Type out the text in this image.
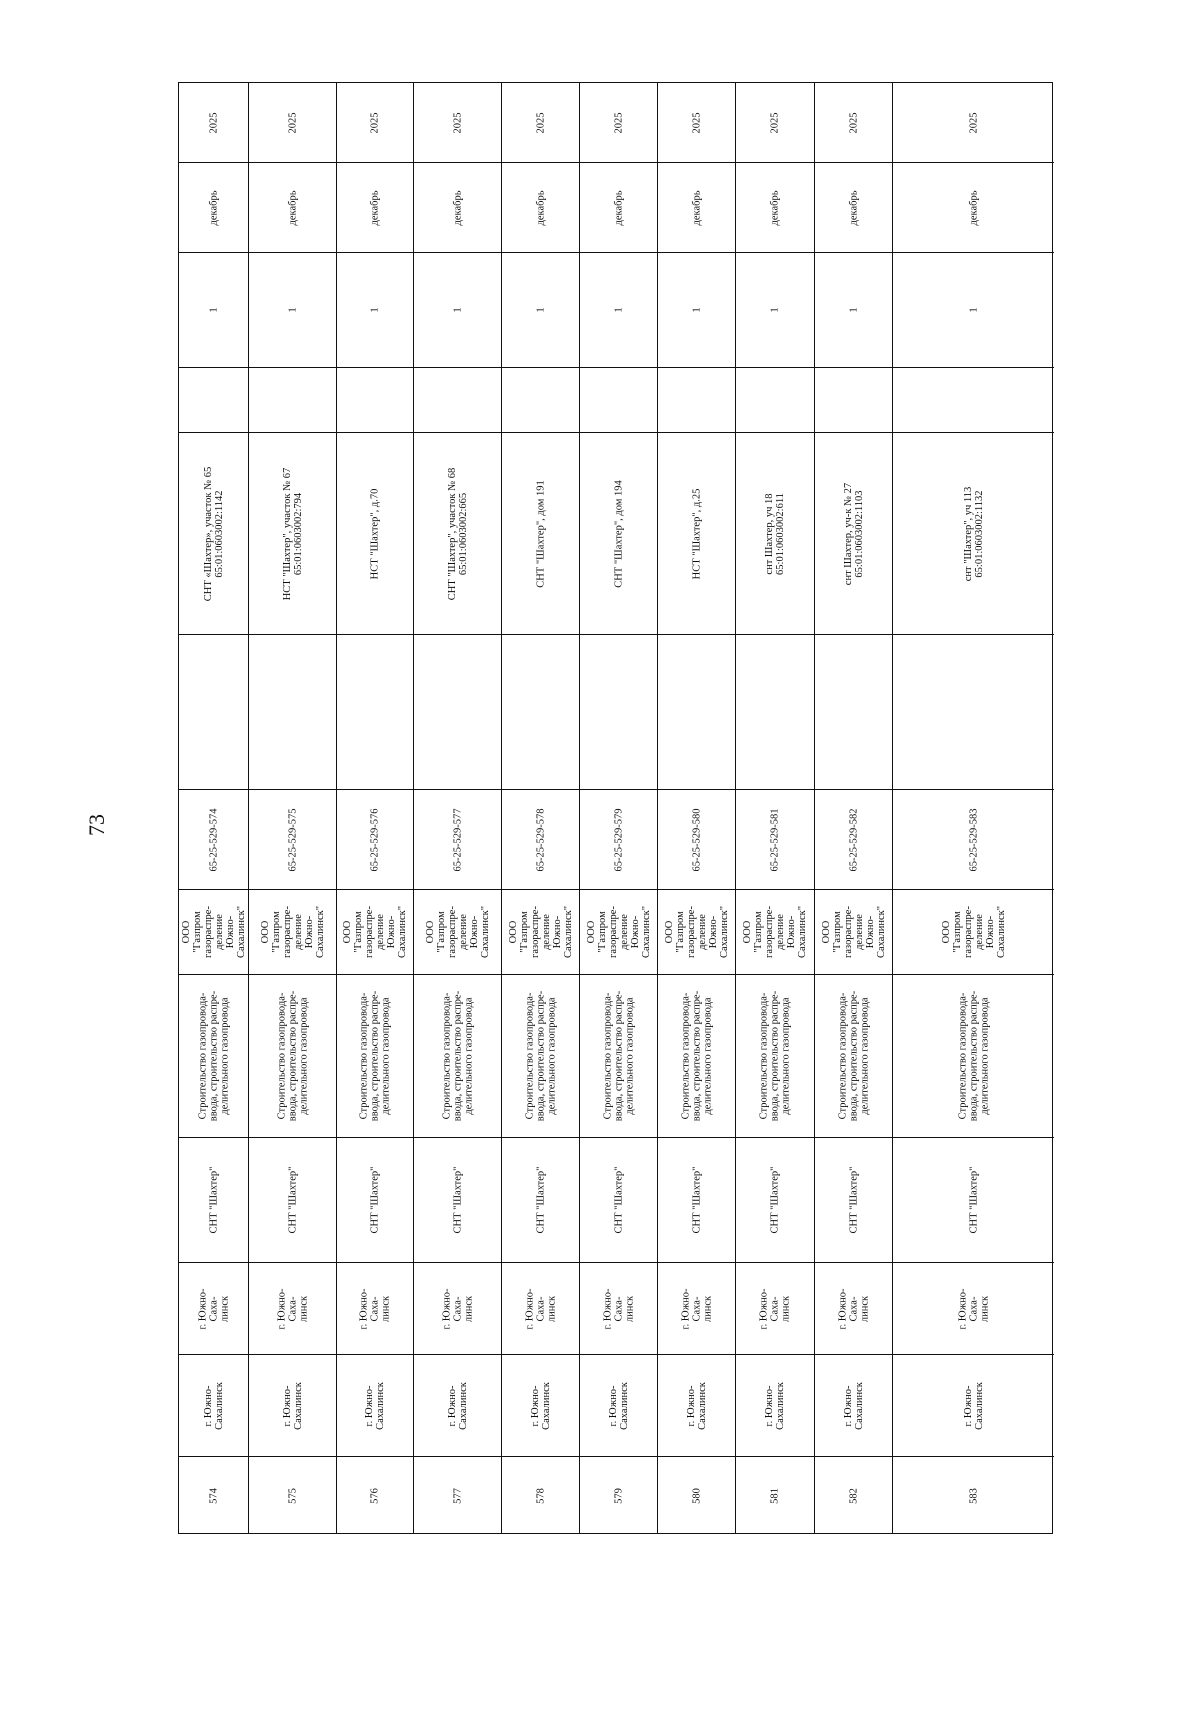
73
2025
декабрь
1
СНТ «Шахтер», участок № 65 65:01:0603002:1142
65-25-529-574
ООО "Газпром газораспре- деление Южно- Сахалинск"
Строительство газопровода- ввода, строительство распре- делительного газопровода
СНТ "Шахтер"
г. Южно- Саха- линск
г. Южно- Сахалинск
574
2025
декабрь
1
НСТ "Шахтер", участок № 67 65:01:0603002:794
65-25-529-575
ООО "Газпром газораспре- деление Южно- Сахалинск"
Строительство газопровода- ввода, строительство распре- делительного газопровода
СНТ "Шахтер"
г. Южно- Саха- линск
г. Южно- Сахалинск
575
2025
декабрь
1
НСТ "Шахтер", д.70
65-25-529-576
ООО "Газпром газораспре- деление Южно- Сахалинск"
Строительство газопровода- ввода, строительство распре- делительного газопровода
СНТ "Шахтер"
г. Южно- Саха- линск
г. Южно- Сахалинск
576
2025
декабрь
1
СНТ "Шахтер", участок № 68 65:01:0603002:665
65-25-529-577
ООО "Газпром газораспре- деление Южно- Сахалинск"
Строительство газопровода- ввода, строительство распре- делительного газопровода
СНТ "Шахтер"
г. Южно- Саха- линск
г. Южно- Сахалинск
577
2025
декабрь
1
СНТ "Шахтер", дом 191
65-25-529-578
ООО "Газпром газораспре- деление Южно- Сахалинск"
Строительство газопровода- ввода, строительство распре- делительного газопровода
СНТ "Шахтер"
г. Южно- Саха- линск
г. Южно- Сахалинск
578
2025
декабрь
1
СНТ "Шахтер", дом 194
65-25-529-579
ООО "Газпром газораспре- деление Южно- Сахалинск"
Строительство газопровода- ввода, строительство распре- делительного газопровода
СНТ "Шахтер"
г. Южно- Саха- линск
г. Южно- Сахалинск
579
2025
декабрь
1
НСТ "Шахтер", д.25
65-25-529-580
ООО "Газпром газораспре- деление Южно- Сахалинск"
Строительство газопровода- ввода, строительство распре- делительного газопровода
СНТ "Шахтер"
г. Южно- Саха- линск
г. Южно- Сахалинск
580
2025
декабрь
1
снт Шахтер, уч 18 65:01:0603002:611
65-25-529-581
ООО "Газпром газораспре- деление Южно- Сахалинск"
Строительство газопровода- ввода, строительство распре- делительного газопровода
СНТ "Шахтер"
г. Южно- Саха- линск
г. Южно- Сахалинск
581
2025
декабрь
1
снт Шахтер, уч-к № 27 65:01:0603002:1103
65-25-529-582
ООО "Газпром газораспре- деление Южно- Сахалинск"
Строительство газопровода- ввода, строительство распре- делительного газопровода
СНТ "Шахтер"
г. Южно- Саха- линск
г. Южно- Сахалинск
582
2025
декабрь
1
снт "Шахтер", уч 113 65:01:0603002:1132
65-25-529-583
ООО "Газпром газораспре- деление Южно- Сахалинск"
Строительство газопровода- ввода, строительство распре- делительного газопровода
СНТ "Шахтер"
г. Южно- Саха- линск
г. Южно- Сахалинск
583
